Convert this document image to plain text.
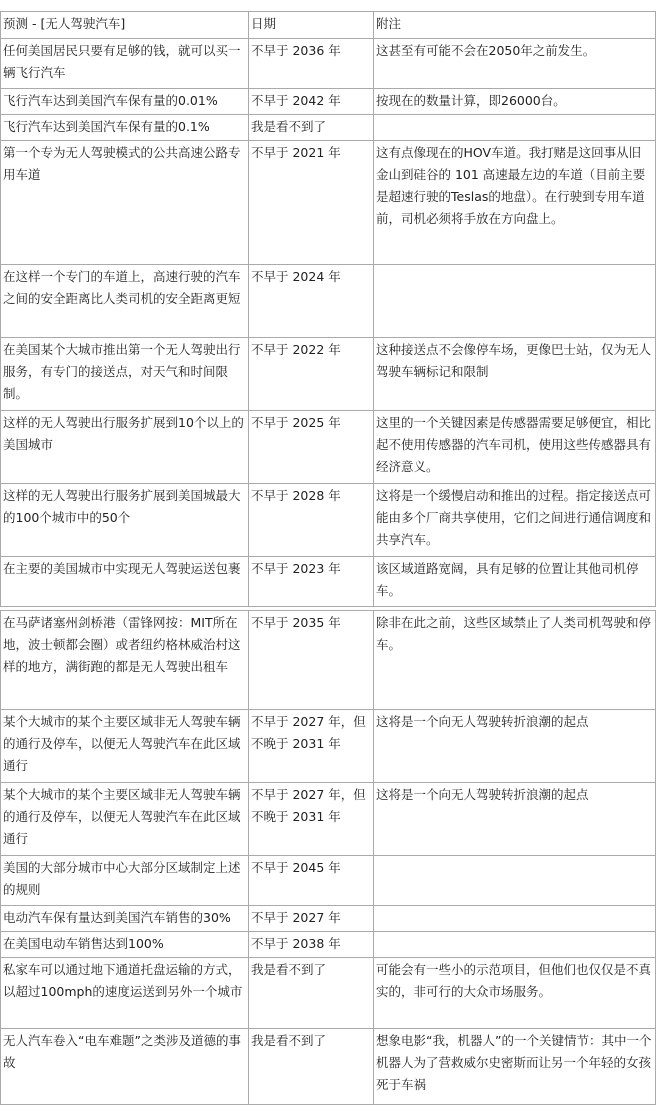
预测 - [无人驾驶汽车]	日期	附注
任何美国居民只要有足够的钱，就可以买一辆飞行汽车	不早于 2036 年	这甚至有可能不会在2050年之前发生。
飞行汽车达到美国汽车保有量的0.01%	不早于 2042 年	按现在的数量计算，即26000台。
飞行汽车达到美国汽车保有量的0.1%	我是看不到了	
第一个专为无人驾驶模式的公共高速公路专用车道	不早于 2021 年	这有点像现在的HOV车道。我打赌是这回事从旧金山到硅谷的 101 高速最左边的车道（目前主要是超速行驶的Teslas的地盘）。在行驶到专用车道前，司机必须将手放在方向盘上。
在这样一个专门的车道上，高速行驶的汽车之间的安全距离比人类司机的安全距离更短	不早于 2024 年	
在美国某个大城市推出第一个无人驾驶出行服务，有专门的接送点，对天气和时间限制。	不早于 2022 年	这种接送点不会像停车场，更像巴士站，仅为无人驾驶车辆标记和限制
这样的无人驾驶出行服务扩展到10个以上的美国城市	不早于 2025 年	这里的一个关键因素是传感器需要足够便宜，相比起不使用传感器的汽车司机，使用这些传感器具有经济意义。
这样的无人驾驶出行服务扩展到美国城最大的100个城市中的50个	不早于 2028 年	这将是一个缓慢启动和推出的过程。指定接送点可能由多个厂商共享使用，它们之间进行通信调度和共享汽车。
在主要的美国城市中实现无人驾驶运送包裹	不早于 2023 年	该区域道路宽阔，具有足够的位置让其他司机停车。
在马萨诸塞州剑桥港（雷锋网按：MIT所在地，波士顿都会圈）或者纽约格林威治村这样的地方，满街跑的都是无人驾驶出租车	不早于 2035 年	除非在此之前，这些区域禁止了人类司机驾驶和停车。
某个大城市的某个主要区域非无人驾驶车辆的通行及停车，以便无人驾驶汽车在此区域通行	不早于 2027 年，但不晚于 2031 年	这将是一个向无人驾驶转折浪潮的起点
某个大城市的某个主要区域非无人驾驶车辆的通行及停车，以便无人驾驶汽车在此区域通行	不早于 2027 年，但不晚于 2031 年	这将是一个向无人驾驶转折浪潮的起点
美国的大部分城市中心大部分区域制定上述的规则	不早于 2045 年	
电动汽车保有量达到美国汽车销售的30%	不早于 2027 年	
在美国电动车销售达到100%	不早于 2038 年	
私家车可以通过地下通道托盘运输的方式，以超过100mph的速度运送到另外一个城市	我是看不到了	可能会有一些小的示范项目，但他们也仅仅是不真实的，非可行的大众市场服务。
无人汽车卷入“电车难题”之类涉及道德的事故	我是看不到了	想象电影“我，机器人”的一个关键情节：其中一个机器人为了营救威尔史密斯而让另一个年轻的女孩死于车祸
